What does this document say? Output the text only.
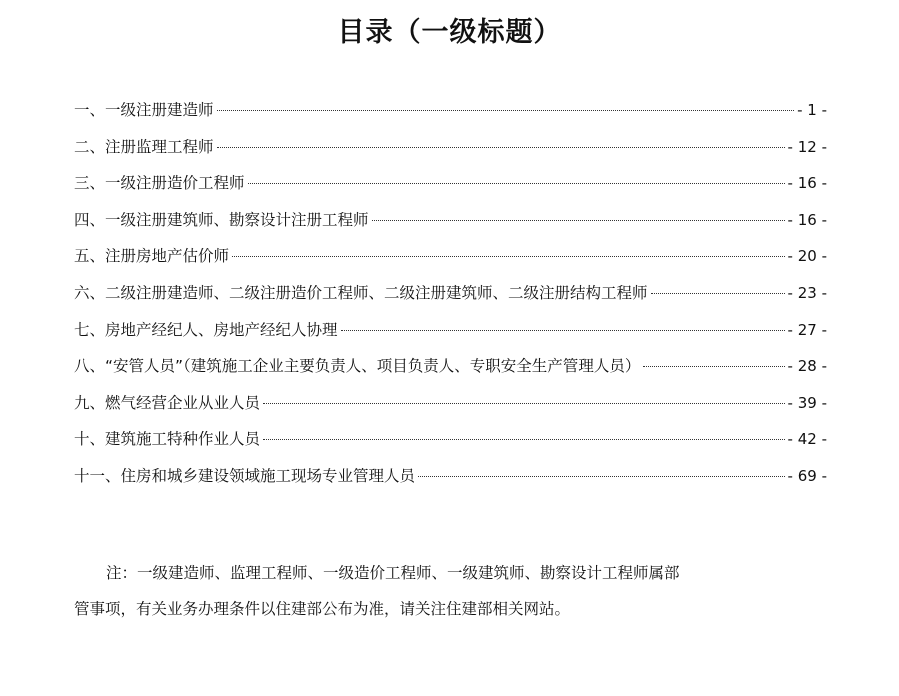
目录（一级标题）
一、一级注册建造师	- 1 -
二、注册监理工程师	- 12 -
三、一级注册造价工程师	- 16 -
四、一级注册建筑师、勘察设计注册工程师	- 16 -
五、注册房地产估价师	- 20 -
六、二级注册建造师、二级注册造价工程师、二级注册建筑师、二级注册结构工程师	- 23 -
七、房地产经纪人、房地产经纪人协理	- 27 -
八、“安管人员”（建筑施工企业主要负责人、项目负责人、专职安全生产管理人员）	- 28 -
九、燃气经营企业从业人员	- 39 -
十、建筑施工特种作业人员	- 42 -
十一、住房和城乡建设领域施工现场专业管理人员	- 69 -
注：一级建造师、监理工程师、一级造价工程师、一级建筑师、勘察设计工程师属部
管事项，有关业务办理条件以住建部公布为准，请关注住建部相关网站。
